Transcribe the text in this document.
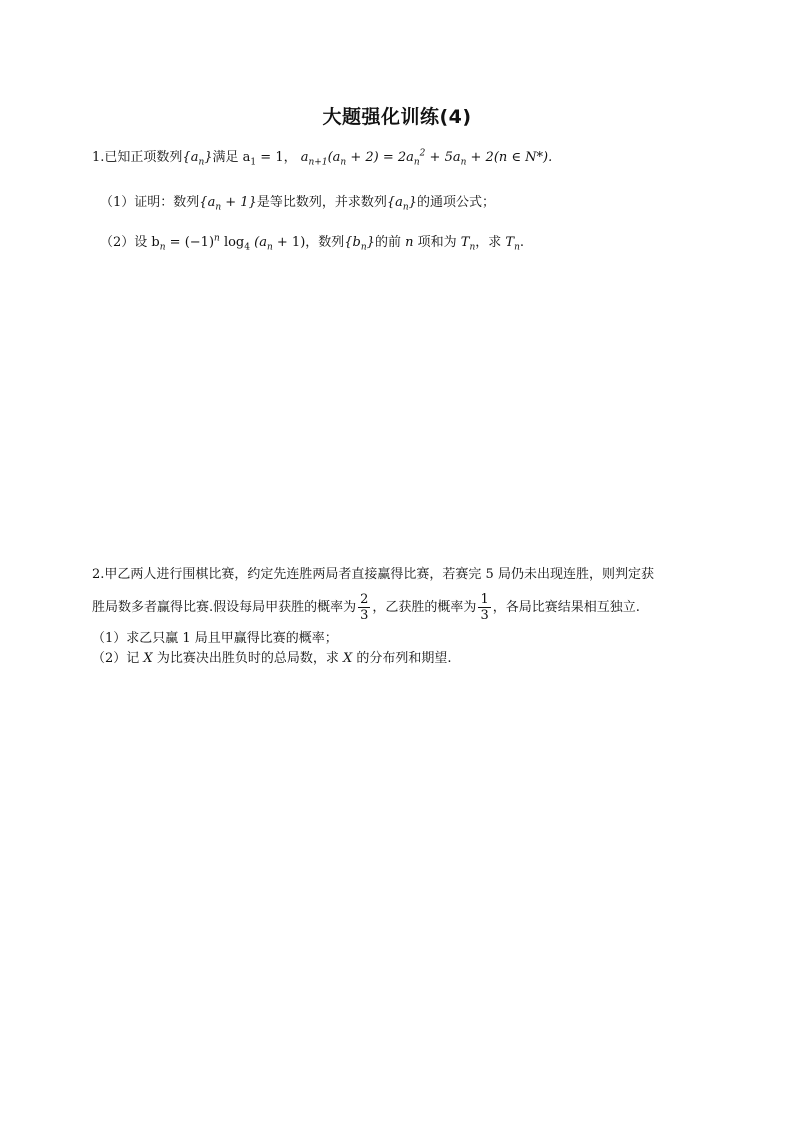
大题强化训练(4)
1.已知正项数列$\{a_n\}$满足 $a_1 = 1$， $a_{n+1}(a_n + 2) = 2a_n^2 + 5a_n + 2(n$ ∈ N*).
（1）证明：数列$\{a_n + 1\}$是等比数列，并求数列$\{a_n\}$的通项公式；
（2）设 $b_n = (-1)^n$ $\log_4 (a_n + 1)$，数列$\{b_n\}$的前 n 项和为 $T_n$，求 $T_n$.
2.甲乙两人进行围棋比赛，约定先连胜两局者直接赢得比赛，若赛完 5 局仍未出现连胜，则判定获
胜局数多者赢得比赛.假设每局甲获胜的概率为 $\frac{2}{3}$ ，乙获胜的概率为 $\frac{1}{3}$ ，各局比赛结果相互独立.
（1）求乙只赢 1 局且甲赢得比赛的概率；
（2）记 X 为比赛决出胜负时的总局数，求 X 的分布列和期望.
